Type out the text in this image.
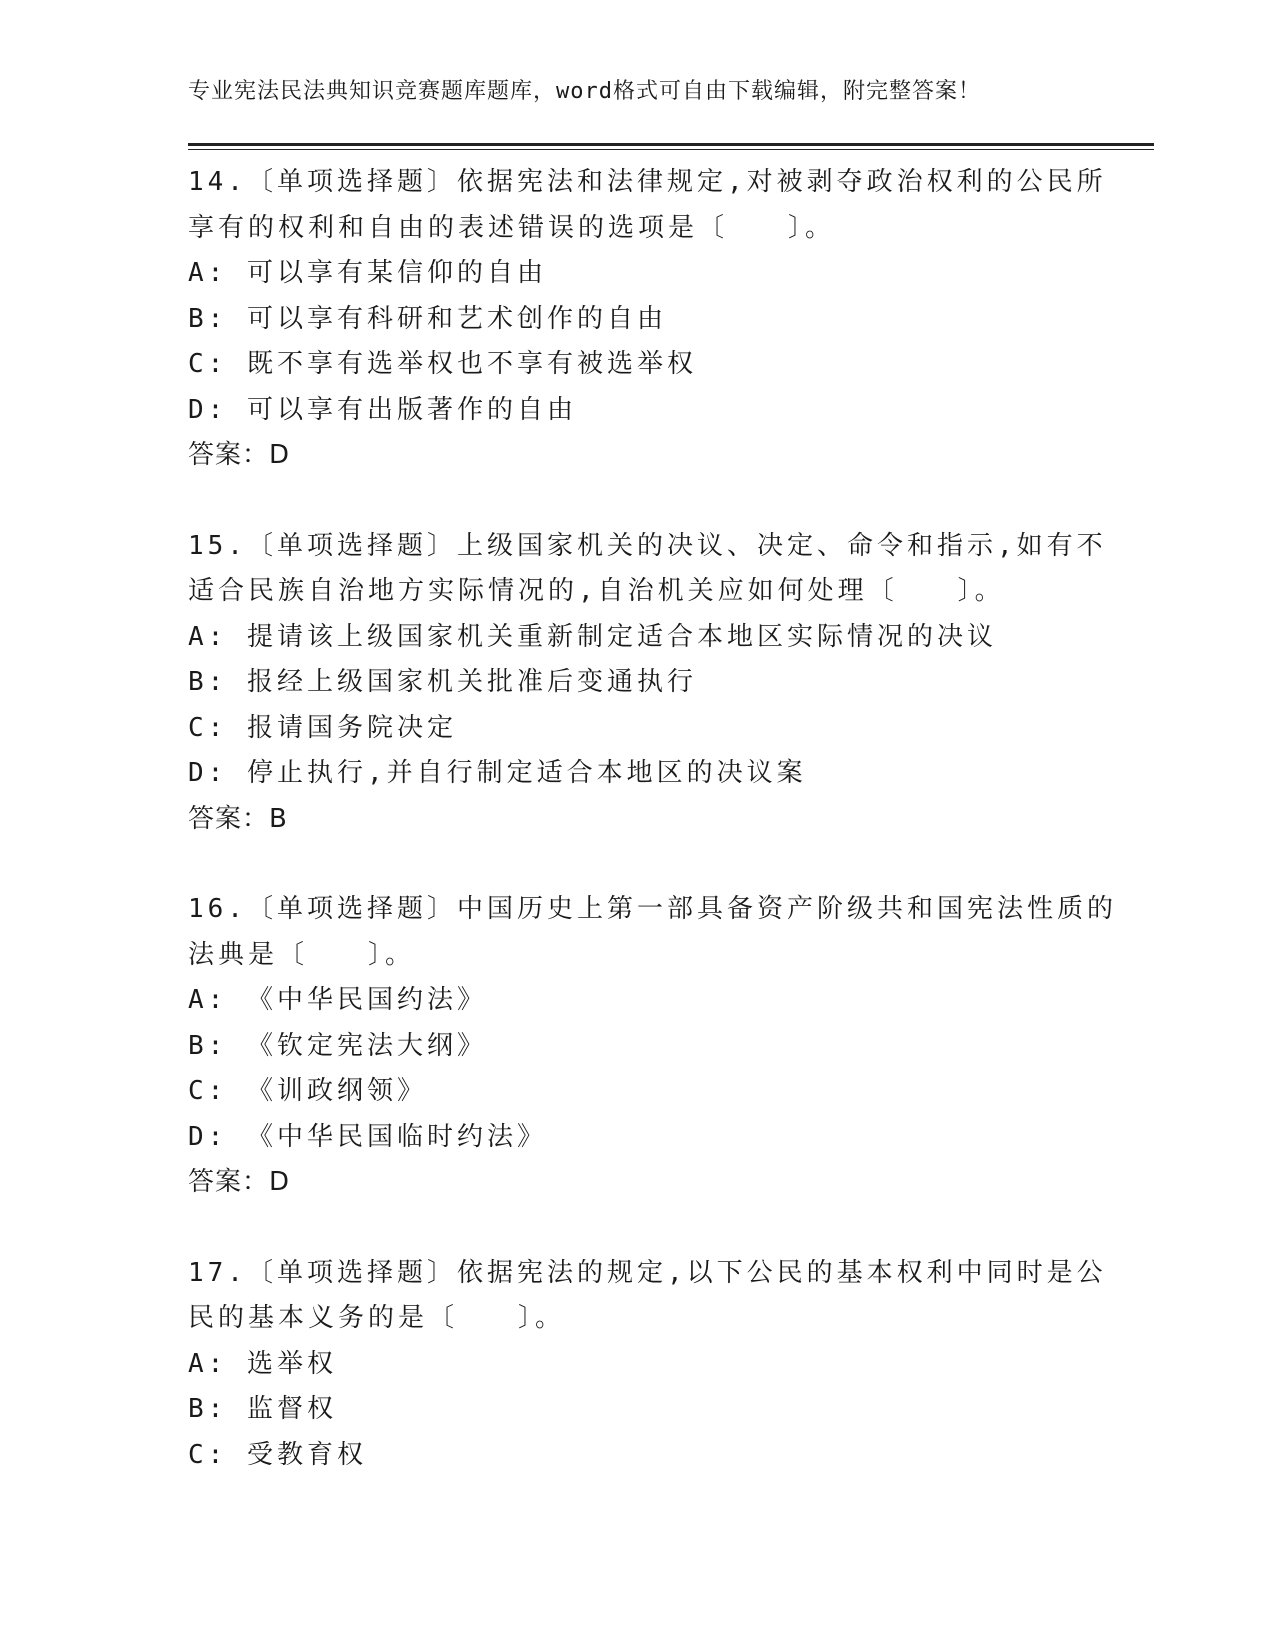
专业宪法民法典知识竞赛题库题库，word格式可自由下载编辑，附完整答案！
14.〔单项选择题〕依据宪法和法律规定,对被剥夺政治权利的公民所
享有的权利和自由的表述错误的选项是〔　　〕。
A: 可以享有某信仰的自由
B: 可以享有科研和艺术创作的自由
C: 既不享有选举权也不享有被选举权
D: 可以享有出版著作的自由
答案：D
15.〔单项选择题〕上级国家机关的决议、决定、命令和指示,如有不
适合民族自治地方实际情况的,自治机关应如何处理〔　　〕。
A: 提请该上级国家机关重新制定适合本地区实际情况的决议
B: 报经上级国家机关批准后变通执行
C: 报请国务院决定
D: 停止执行,并自行制定适合本地区的决议案
答案：B
16.〔单项选择题〕中国历史上第一部具备资产阶级共和国宪法性质的
法典是〔　　〕。
A: 《中华民国约法》
B: 《钦定宪法大纲》
C: 《训政纲领》
D: 《中华民国临时约法》
答案：D
17.〔单项选择题〕依据宪法的规定,以下公民的基本权利中同时是公
民的基本义务的是〔　　〕。
A: 选举权
B: 监督权
C: 受教育权
